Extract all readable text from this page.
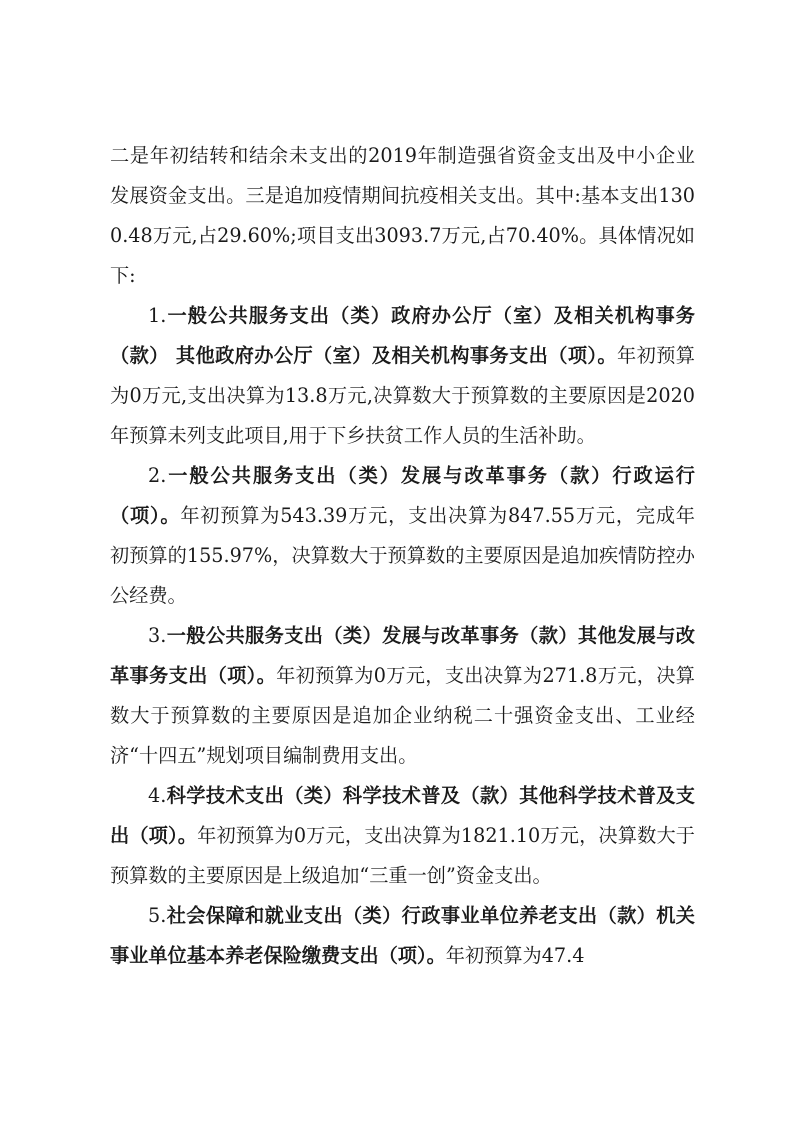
二是年初结转和结余未支出的2019年制造强省资金支出及中小企业发展资金支出。三是追加疫情期间抗疫相关支出。其中:基本支出1300.48万元,占29.60%;项目支出3093.7万元,占70.40%。具体情况如下:

1.一般公共服务支出（类）政府办公厅（室）及相关机构事务（款） 其他政府办公厅（室）及相关机构事务支出（项）。年初预算为0万元,支出决算为13.8万元,决算数大于预算数的主要原因是2020年预算未列支此项目,用于下乡扶贫工作人员的生活补助。

2.一般公共服务支出（类）发展与改革事务（款）行政运行（项）。年初预算为543.39万元，支出决算为847.55万元，完成年初预算的155.97%，决算数大于预算数的主要原因是追加疾情防控办公经费。

3.一般公共服务支出（类）发展与改革事务（款）其他发展与改革事务支出（项）。年初预算为0万元，支出决算为271.8万元，决算数大于预算数的主要原因是追加企业纳税二十强资金支出、工业经济“十四五”规划项目编制费用支出。

4.科学技术支出（类）科学技术普及（款）其他科学技术普及支出（项）。年初预算为0万元，支出决算为1821.10万元，决算数大于预算数的主要原因是上级追加“三重一创”资金支出。

5.社会保障和就业支出（类）行政事业单位养老支出（款）机关事业单位基本养老保险缴费支出（项）。年初预算为47.4
